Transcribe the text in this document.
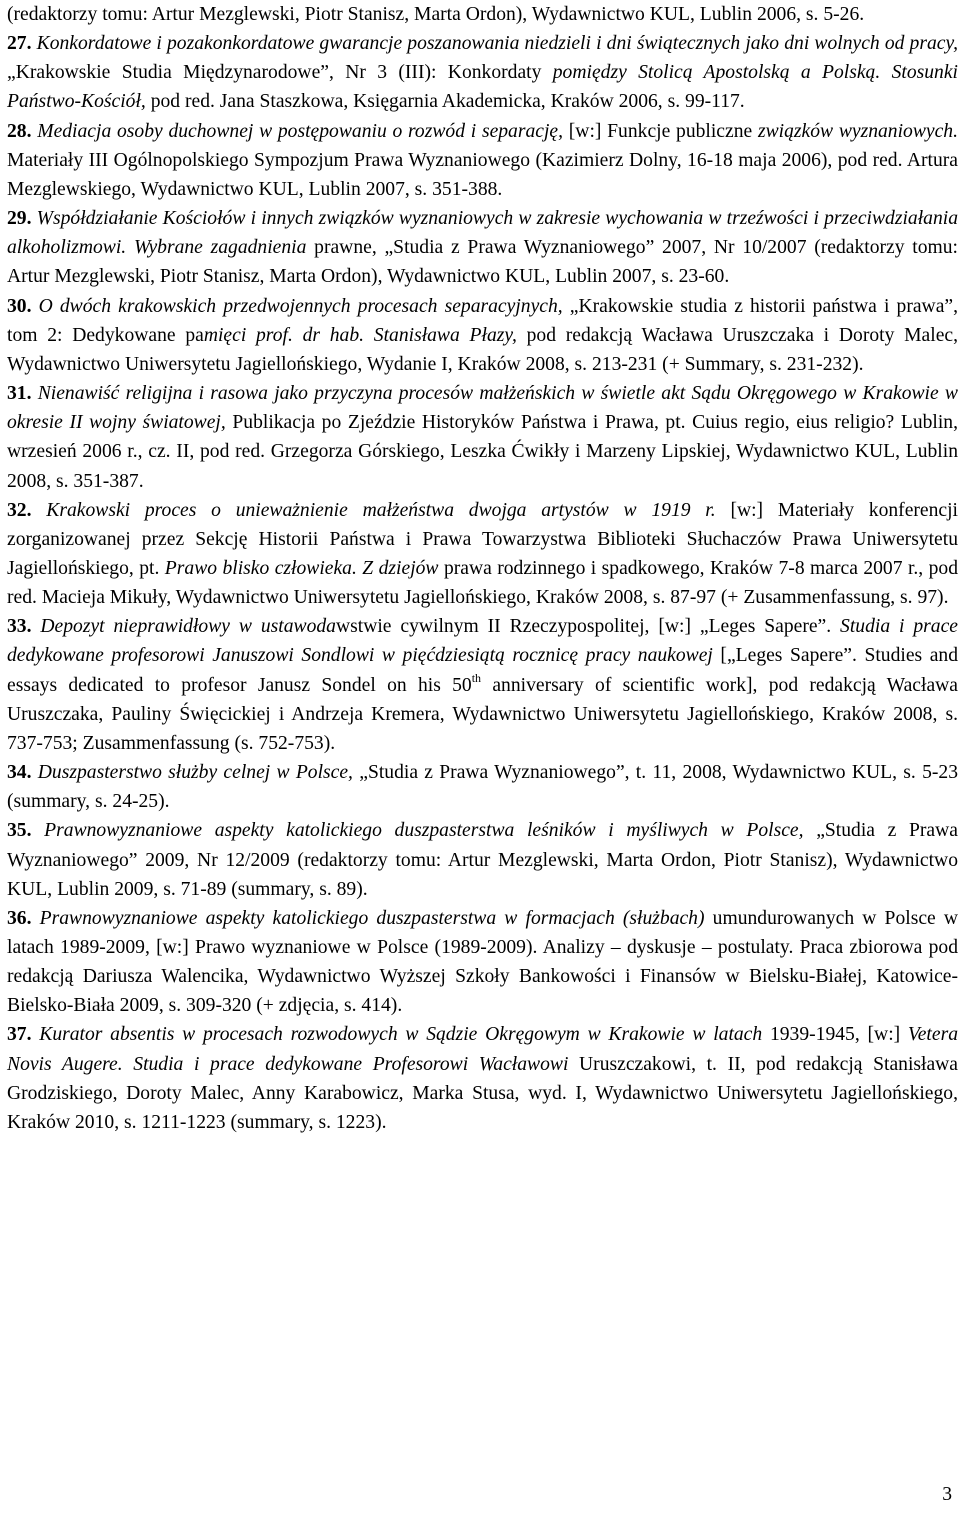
(redaktorzy tomu: Artur Mezglewski, Piotr Stanisz, Marta Ordon), Wydawnictwo KUL, Lublin 2006, s. 5-26.

27. Konkordatowe i pozakonkordatowe gwarancje poszanowania niedzieli i dni świątecznych jako dni wolnych od pracy, „Krakowskie Studia Międzynarodowe”, Nr 3 (III): Konkordaty pomiędzy Stolicą Apostolską a Polską. Stosunki Państwo-Kościół, pod red. Jana Staszkowa, Księgarnia Akademicka, Kraków 2006, s. 99-117.

28. Mediacja osoby duchownej w postępowaniu o rozwód i separację, [w:] Funkcje publiczne związków wyznaniowych. Materiały III Ogólnopolskiego Sympozjum Prawa Wyznaniowego (Kazimierz Dolny, 16-18 maja 2006), pod red. Artura Mezglewskiego, Wydawnictwo KUL, Lublin 2007, s. 351-388.

29. Współdziałanie Kościołów i innych związków wyznaniowych w zakresie wychowania w trzeźwości i przeciwdziałania alkoholizmowi. Wybrane zagadnienia prawne, „Studia z Prawa Wyznaniowego” 2007, Nr 10/2007 (redaktorzy tomu: Artur Mezglewski, Piotr Stanisz, Marta Ordon), Wydawnictwo KUL, Lublin 2007, s. 23-60.

30. O dwóch krakowskich przedwojennych procesach separacyjnych, „Krakowskie studia z historii państwa i prawa”, tom 2: Dedykowane pamięci prof. dr hab. Stanisława Płazy, pod redakcją Wacława Uruszczaka i Doroty Malec, Wydawnictwo Uniwersytetu Jagiellońskiego, Wydanie I, Kraków 2008, s. 213-231 (+ Summary, s. 231-232).

31. Nienawiść religijna i rasowa jako przyczyna procesów małżeńskich w świetle akt Sądu Okręgowego w Krakowie w okresie II wojny światowej, Publikacja po Zjeździe Historyków Państwa i Prawa, pt. Cuius regio, eius religio? Lublin, wrzesień 2006 r., cz. II, pod red. Grzegorza Górskiego, Leszka Ćwikły i Marzeny Lipskiej, Wydawnictwo KUL, Lublin 2008, s. 351-387.

32. Krakowski proces o unieważnienie małżeństwa dwojga artystów w 1919 r. [w:] Materiały konferencji zorganizowanej przez Sekcję Historii Państwa i Prawa Towarzystwa Biblioteki Słuchaczów Prawa Uniwersytetu Jagiellońskiego, pt. Prawo blisko człowieka. Z dziejów prawa rodzinnego i spadkowego, Kraków 7-8 marca 2007 r., pod red. Macieja Mikuły, Wydawnictwo Uniwersytetu Jagiellońskiego, Kraków 2008, s. 87-97 (+ Zusammenfassung, s. 97).

33. Depozyt nieprawidłowy w ustawodawstwie cywilnym II Rzeczypospolitej, [w:] „Leges Sapere”. Studia i prace dedykowane profesorowi Januszowi Sondlowi w pięćdziesiątą rocznicę pracy naukowej [„Leges Sapere”. Studies and essays dedicated to profesor Janusz Sondel on his 50th anniversary of scientific work], pod redakcją Wacława Uruszczaka, Pauliny Święcickiej i Andrzeja Kremera, Wydawnictwo Uniwersytetu Jagiellońskiego, Kraków 2008, s. 737-753; Zusammenfassung (s. 752-753).

34. Duszpasterstwo służby celnej w Polsce, „Studia z Prawa Wyznaniowego”, t. 11, 2008, Wydawnictwo KUL, s. 5-23 (summary, s. 24-25).

35. Prawnowyznaniowe aspekty katolickiego duszpasterstwa leśników i myśliwych w Polsce, „Studia z Prawa Wyznaniowego” 2009, Nr 12/2009 (redaktorzy tomu: Artur Mezglewski, Marta Ordon, Piotr Stanisz), Wydawnictwo KUL, Lublin 2009, s. 71-89 (summary, s. 89).

36. Prawnowyznaniowe aspekty katolickiego duszpasterstwa w formacjach (służbach) umundurowanych w Polsce w latach 1989-2009, [w:] Prawo wyznaniowe w Polsce (1989-2009). Analizy – dyskusje – postulaty. Praca zbiorowa pod redakcją Dariusza Walencika, Wydawnictwo Wyższej Szkoły Bankowości i Finansów w Bielsku-Białej, Katowice-Bielsko-Biała 2009, s. 309-320 (+ zdjęcia, s. 414).

37. Kurator absentis w procesach rozwodowych w Sądzie Okręgowym w Krakowie w latach 1939-1945, [w:] Vetera Novis Augere. Studia i prace dedykowane Profesorowi Wacławowi Uruszczakowi, t. II, pod redakcją Stanisława Grodziskiego, Doroty Malec, Anny Karabowicz, Marka Stusa, wyd. I, Wydawnictwo Uniwersytetu Jagiellońskiego, Kraków 2010, s. 1211-1223 (summary, s. 1223).

3
